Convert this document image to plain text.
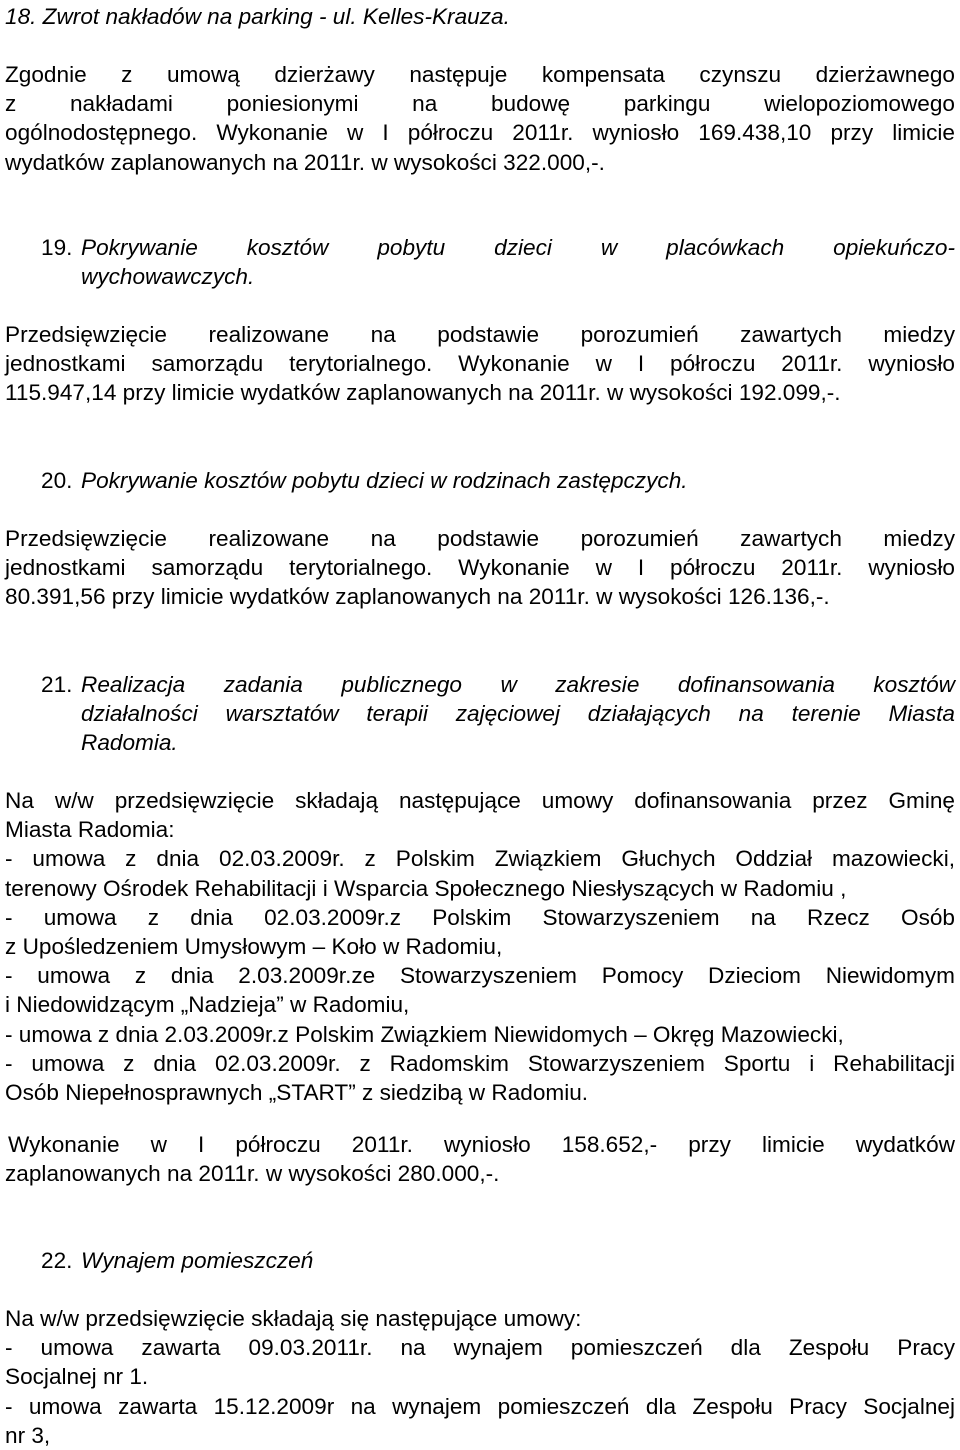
18. Zwrot nakładów na parking - ul. Kelles-Krauza.
Zgodnie z umową dzierżawy następuje kompensata czynszu dzierżawnego
z nakładami poniesionymi na budowę parkingu wielopoziomowego
ogólnodostępnego. Wykonanie w I półroczu 2011r. wyniosło 169.438,10 przy limicie
wydatków zaplanowanych na 2011r. w wysokości 322.000,-.
19. Pokrywanie kosztów pobytu dzieci w placówkach opiekuńczo-
wychowawczych.
Przedsięwzięcie realizowane na podstawie porozumień zawartych miedzy
jednostkami samorządu terytorialnego. Wykonanie w I półroczu 2011r. wyniosło
115.947,14 przy limicie wydatków zaplanowanych na 2011r. w wysokości 192.099,-.
20. Pokrywanie kosztów pobytu dzieci w rodzinach zastępczych.
Przedsięwzięcie realizowane na podstawie porozumień zawartych miedzy
jednostkami samorządu terytorialnego. Wykonanie w I półroczu 2011r. wyniosło
80.391,56 przy limicie wydatków zaplanowanych na 2011r. w wysokości 126.136,-.
21. Realizacja zadania publicznego w zakresie dofinansowania kosztów
działalności warsztatów terapii zajęciowej działających na terenie Miasta
Radomia.
Na w/w przedsięwzięcie składają następujące umowy dofinansowania przez Gminę
Miasta Radomia:
- umowa z dnia 02.03.2009r. z Polskim Związkiem Głuchych Oddział mazowiecki,
terenowy Ośrodek Rehabilitacji i Wsparcia Społecznego Niesłyszących w Radomiu ,
- umowa z dnia 02.03.2009r.z Polskim Stowarzyszeniem na Rzecz Osób
z Upośledzeniem Umysłowym – Koło w Radomiu,
- umowa z dnia 2.03.2009r.ze Stowarzyszeniem Pomocy Dzieciom Niewidomym
i Niedowidzącym „Nadzieja” w Radomiu,
- umowa z dnia 2.03.2009r.z Polskim Związkiem Niewidomych – Okręg Mazowiecki,
- umowa z dnia 02.03.2009r. z Radomskim Stowarzyszeniem Sportu i Rehabilitacji
Osób Niepełnosprawnych „START” z siedzibą w Radomiu.
Wykonanie w I półroczu 2011r. wyniosło 158.652,- przy limicie wydatków
zaplanowanych na 2011r. w wysokości 280.000,-.
22. Wynajem pomieszczeń
Na w/w przedsięwzięcie składają się następujące umowy:
- umowa zawarta 09.03.2011r. na wynajem pomieszczeń dla Zespołu Pracy
Socjalnej nr 1.
- umowa zawarta 15.12.2009r na wynajem pomieszczeń dla Zespołu Pracy Socjalnej
nr 3,
